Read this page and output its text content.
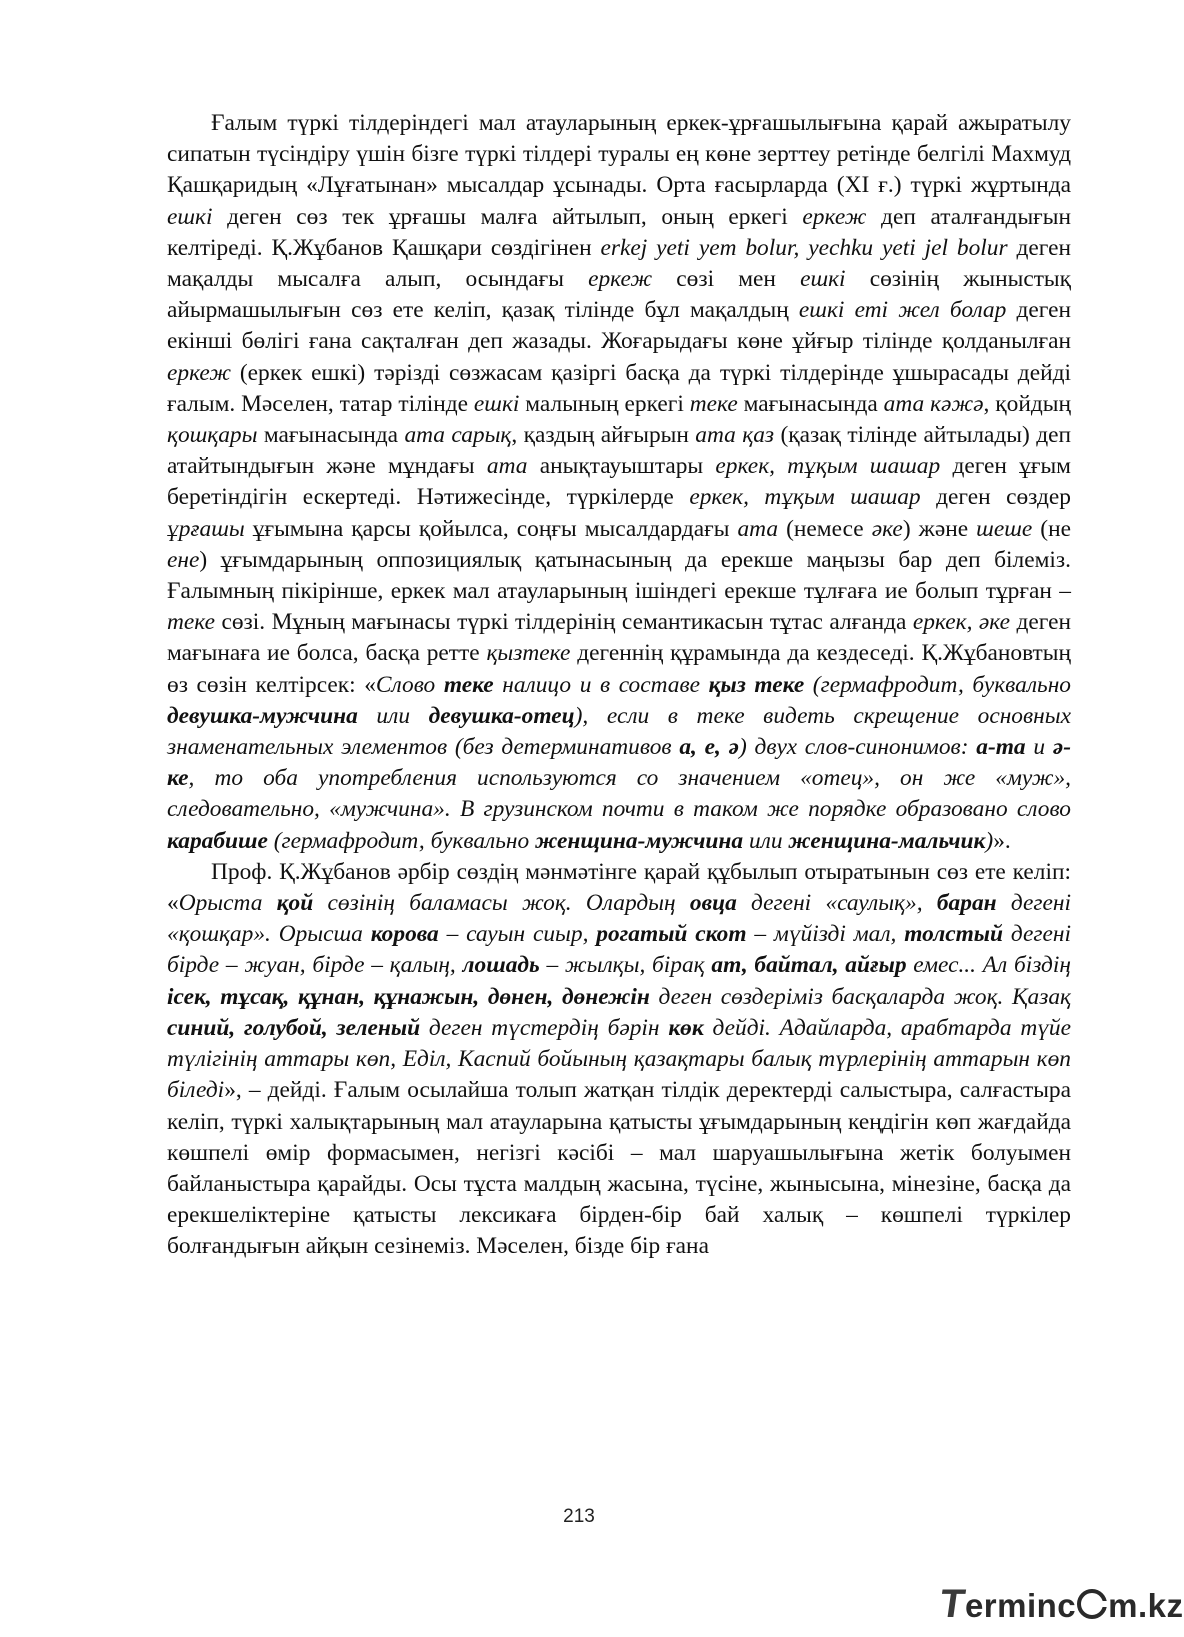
Ғалым түркі тілдеріндегі мал атауларының еркек-ұрғашылығына қарай ажыратылу сипатын түсіндіру үшін бізге түркі тілдері туралы ең көне зерттеу ретінде белгілі Махмуд Қашқаридың «Лұғатынан» мысалдар ұсынады. Орта ғасырларда (XI ғ.) түркі жұртында ешкі деген сөз тек ұрғашы малға айтылып, оның еркегі еркеж деп аталғандығын келтіреді. Қ.Жұбанов Қашқари сөздігінен erkej yeti yem bolur, yechku yeti jel bolur деген мақалды мысалға алып, осындағы еркеж сөзі мен ешкі сөзінің жыныстық айырмашылығын сөз ете келіп, қазақ тілінде бұл мақалдың ешкі еті жел болар деген екінші бөлігі ғана сақталған деп жазады. Жоғарыдағы көне ұйғыр тілінде қолданылған еркеж (еркек ешкі) тәрізді сөзжасам қазіргі басқа да түркі тілдерінде ұшырасады дейді ғалым. Мәселен, татар тілінде ешкі малының еркегі теке мағынасында ата кәжә, қойдың қошқары мағынасында ата сарық, қаздың айғырын ата қаз (қазақ тілінде айтылады) деп атайтындығын және мұндағы ата анықтауыштары еркек, тұқым шашар деген ұғым беретіндігін ескертеді. Нәтижесінде, түркілерде еркек, тұқым шашар деген сөздер ұрғашы ұғымына қарсы қойылса, соңғы мысалдардағы ата (немесе әке) және шеше (не ене) ұғымдарының оппозициялық қатынасының да ерекше маңызы бар деп білеміз. Ғалымның пікірінше, еркек мал атауларының ішіндегі ерекше тұлғаға ие болып тұрған – теке сөзі. Мұның мағынасы түркі тілдерінің семантикасын тұтас алғанда еркек, әке деген мағынаға ие болса, басқа ретте қызтеке дегеннің құрамында да кездеседі. Қ.Жұбановтың өз сөзін келтірсек: «Слово теке налицо и в составе қыз теке (гермафродит, буквально девушка-мужчина или девушка-отец), если в теке видеть скрещение основных знаменательных элементов (без детерминативов а, е, ә) двух слов-синонимов: а-та и ә-ке, то оба употребления используются со значением «отец», он же «муж», следовательно, «мужчина». В грузинском почти в таком же порядке образовано слово карабише (гермафродит, буквально женщина-мужчина или женщина-мальчик)».

Проф. Қ.Жұбанов әрбір сөздің мәнмәтінге қарай құбылып отыратынын сөз ете келіп: «Орыста қой сөзінің баламасы жоқ. Олардың овца дегені «саулық», баран дегені «қошқар». Орысша корова – сауын сиыр, рогатый скот – мүйізді мал, толстый дегені бірде – жуан, бірде – қалың, лошадь – жылқы, бірақ ат, байтал, айғыр емес... Ал біздің ісек, тұсақ, құнан, құнажын, дөнен, дөнежін деген сөздеріміз басқаларда жоқ. Қазақ синий, голубой, зеленый деген түстердің бәрін көк дейді. Адайларда, арабтарда түйе түлігінің аттары көп, Еділ, Каспий бойының қазақтары балық түрлерінің аттарын көп біледі», – дейді. Ғалым осылайша толып жатқан тілдік деректерді салыстыра, салғастыра келіп, түркі халықтарының мал атауларына қатысты ұғымдарының кеңдігін көп жағдайда көшпелі өмір формасымен, негізгі кәсібі – мал шаруашылығына жетік болуымен байланыстыра қарайды. Осы тұста малдың жасына, түсіне, жынысына, мінезіне, басқа да ерекшеліктеріне қатысты лексикаға бірден-бір бай халық – көшпелі түркілер болғандығын айқын сезінеміз. Мәселен, бізде бір ғана

213
Terminc m.kz
